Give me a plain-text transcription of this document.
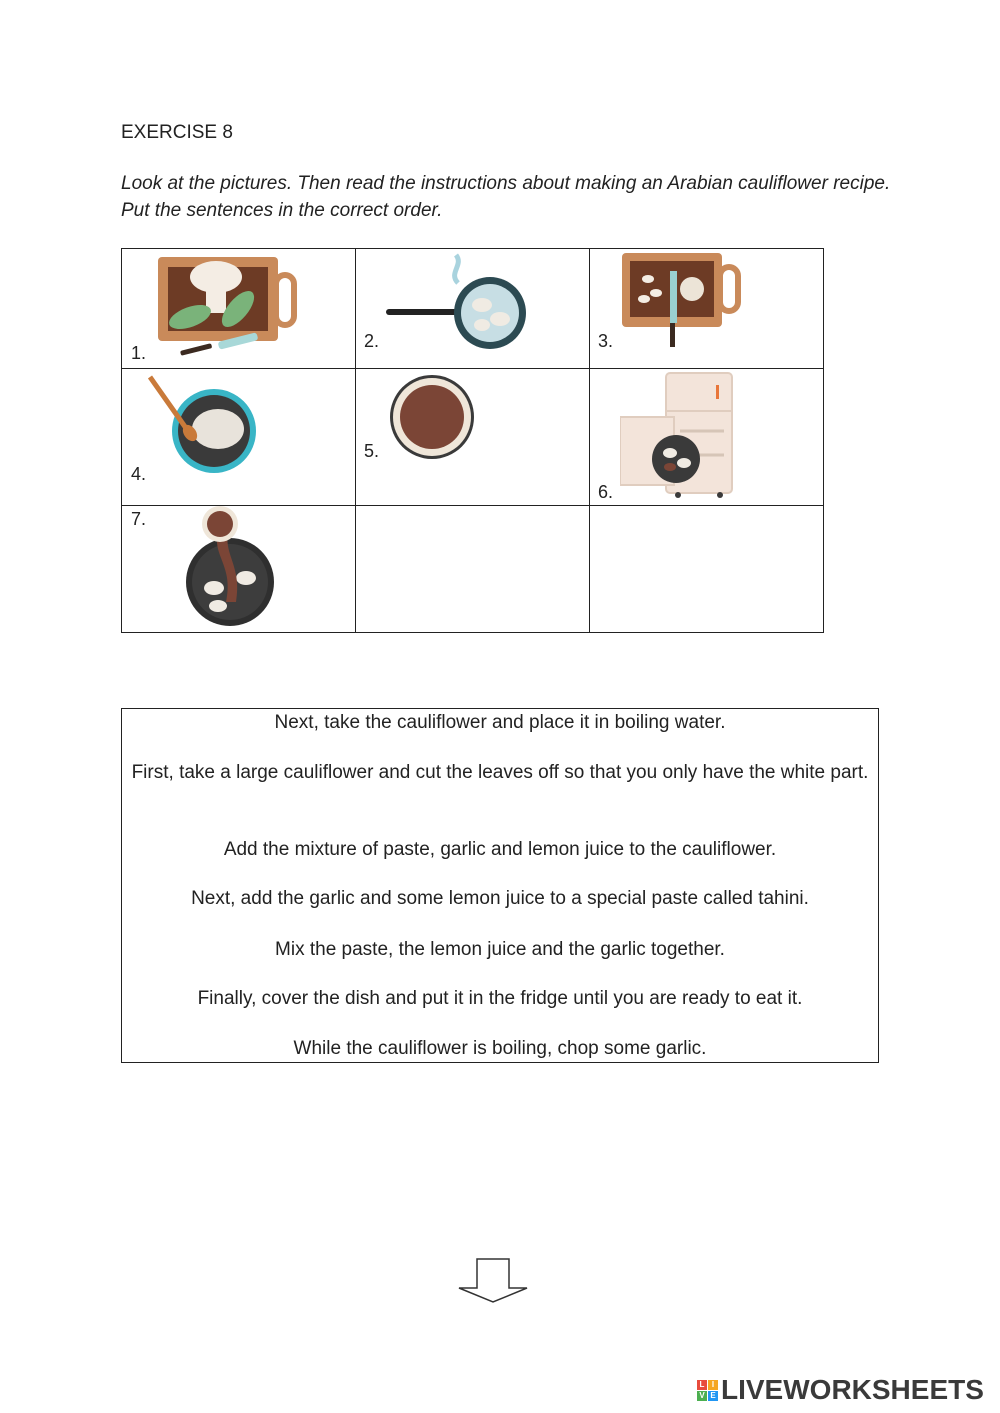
EXERCISE 8
Look at the pictures. Then read the instructions about making an Arabian cauliflower recipe. Put the sentences in the correct order.
1.	2.	3.

4.	5.	6.

7.		

Next, take the cauliflower and place it in boiling water.

First, take a large cauliflower and cut the leaves off so that you only have the white part.

Add the mixture of paste, garlic and lemon juice to the cauliflower.

Next, add the garlic and some lemon juice to a special paste called tahini.

Mix the paste, the lemon juice and the garlic together.

Finally, cover the dish and put it in the fridge until you are ready to eat it.

While the cauliflower is boiling, chop some garlic.

L I
V E LIVEWORKSHEETS
